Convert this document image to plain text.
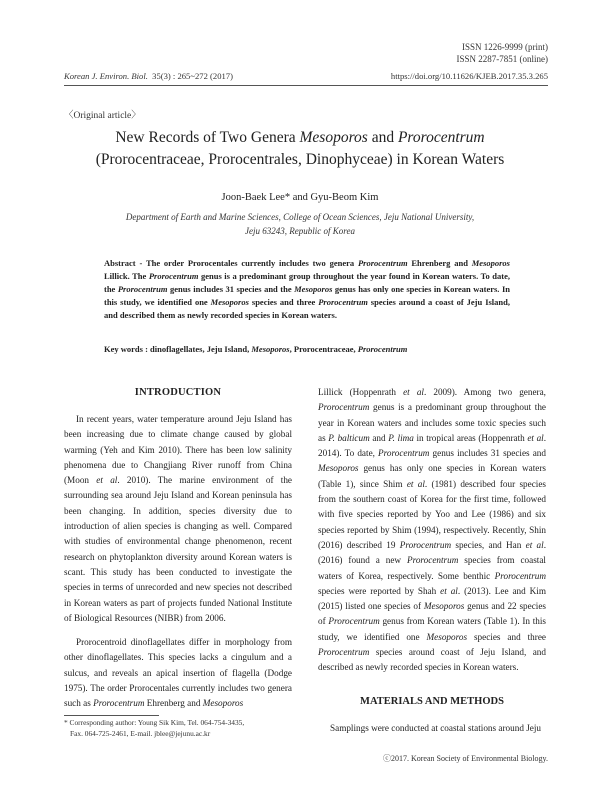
ISSN 1226-9999 (print)
ISSN 2287-7851 (online)
Korean J. Environ. Biol. 35(3) : 265~272 (2017)	https://doi.org/10.11626/KJEB.2017.35.3.265
〈Original article〉
New Records of Two Genera Mesoporos and Prorocentrum
(Prorocentraceae, Prorocentrales, Dinophyceae) in Korean Waters
Joon-Baek Lee* and Gyu-Beom Kim
Department of Earth and Marine Sciences, College of Ocean Sciences, Jeju National University,
Jeju 63243, Republic of Korea
Abstract - The order Prorocentales currently includes two genera Prorocentrum Ehrenberg and Mesoporos Lillick. The Prorocentrum genus is a predominant group throughout the year found in Korean waters. To date, the Prorocentrum genus includes 31 species and the Mesoporos genus has only one species in Korean waters. In this study, we identified one Mesoporos species and three Prorocentrum species around a coast of Jeju Island, and described them as newly recorded species in Korean waters.
Key words : dinoflagellates, Jeju Island, Mesoporos, Prorocentraceae, Prorocentrum
INTRODUCTION

In recent years, water temperature around Jeju Island has been increasing due to climate change caused by global warming (Yeh and Kim 2010). There has been low salinity phenomena due to Changjiang River runoff from China (Moon et al. 2010). The marine environment of the surrounding sea around Jeju Island and Korean peninsula has been changing. In addition, species diversity due to introduction of alien species is changing as well. Compared with studies of environmental change phenomenon, recent research on phytoplankton diversity around Korean waters is scant. This study has been conducted to investigate the species in terms of unrecorded and new species not described in Korean waters as part of projects funded National Institute of Biological Resources (NIBR) from 2006.

Prorocentroid dinoflagellates differ in morphology from other dinoflagellates. This species lacks a cingulum and a sulcus, and reveals an apical insertion of flagella (Dodge 1975). The order Prorocentales currently includes two genera such as Prorocentrum Ehrenberg and Mesoporos

Lillick (Hoppenrath et al. 2009). Among two genera, Prorocentrum genus is a predominant group throughout the year in Korean waters and includes some toxic species such as P. balticum and P. lima in tropical areas (Hoppenrath et al. 2014). To date, Prorocentrum genus includes 31 species and Mesoporos genus has only one species in Korean waters (Table 1), since Shim et al. (1981) described four species from the southern coast of Korea for the first time, followed with five species reported by Yoo and Lee (1986) and six species reported by Shim (1994), respectively. Recently, Shin (2016) described 19 Prorocentrum species, and Han et al. (2016) found a new Prorocentrum species from coastal waters of Korea, respectively. Some benthic Prorocentrum species were reported by Shah et al. (2013). Lee and Kim (2015) listed one species of Mesoporos genus and 22 species of Prorocentrum genus from Korean waters (Table 1). In this study, we identified one Mesoporos species and three Prorocentrum species around coast of Jeju Island, and described as newly recorded species in Korean waters.

MATERIALS AND METHODS
Samplings were conducted at coastal stations around Jeju
* Corresponding author: Young Sik Kim, Tel. 064-754-3435,
Fax. 064-725-2461, E-mail. jblee@jejunu.ac.kr
ⓒ2017. Korean Society of Environmental Biology.
